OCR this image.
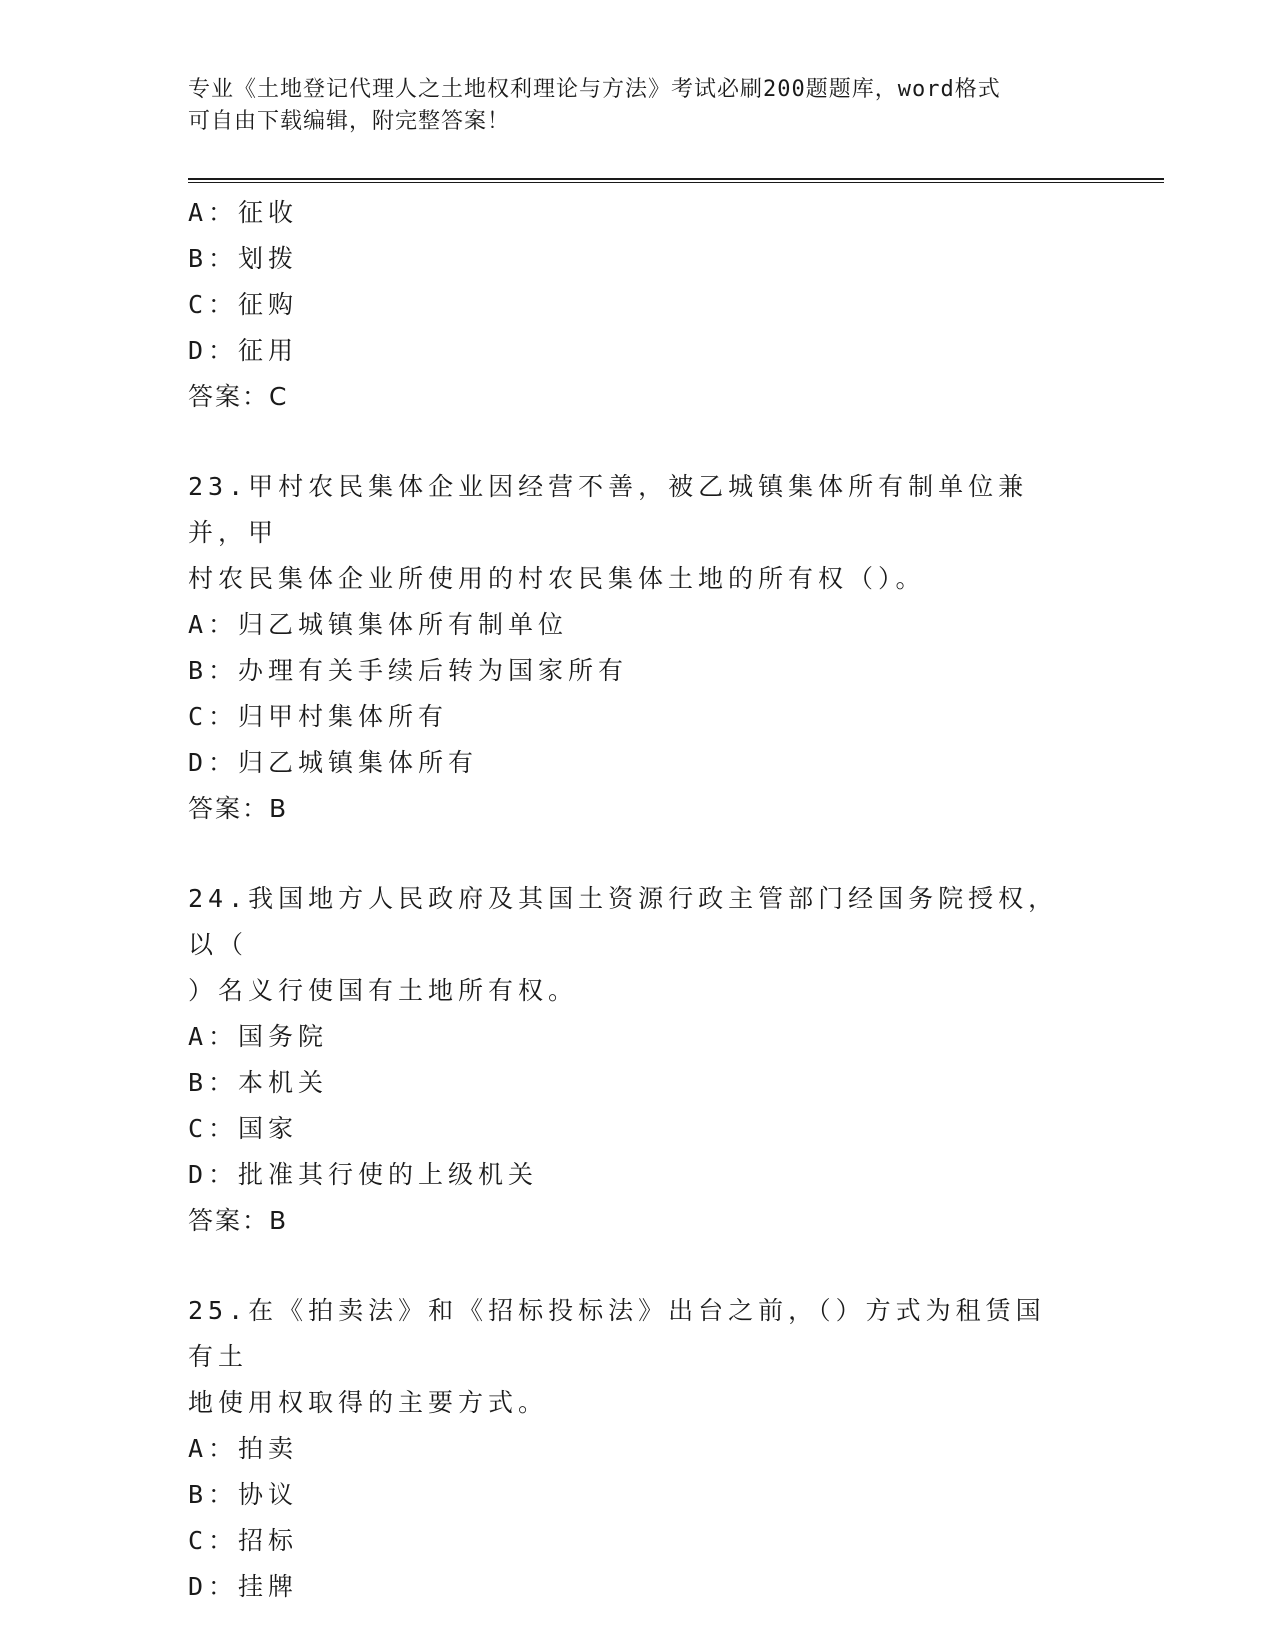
专业《土地登记代理人之土地权利理论与方法》考试必刷200题题库，word格式
可自由下载编辑，附完整答案！
A：征收
B：划拨
C：征购
D：征用
答案：C
23.甲村农民集体企业因经营不善，被乙城镇集体所有制单位兼并，甲
村农民集体企业所使用的村农民集体土地的所有权（）。
A：归乙城镇集体所有制单位
B：办理有关手续后转为国家所有
C：归甲村集体所有
D：归乙城镇集体所有
答案：B
24.我国地方人民政府及其国土资源行政主管部门经国务院授权，以（
）名义行使国有土地所有权。
A：国务院
B：本机关
C：国家
D：批准其行使的上级机关
答案：B
25.在《拍卖法》和《招标投标法》出台之前，（）方式为租赁国有土
地使用权取得的主要方式。
A：拍卖
B：协议
C：招标
D：挂牌
